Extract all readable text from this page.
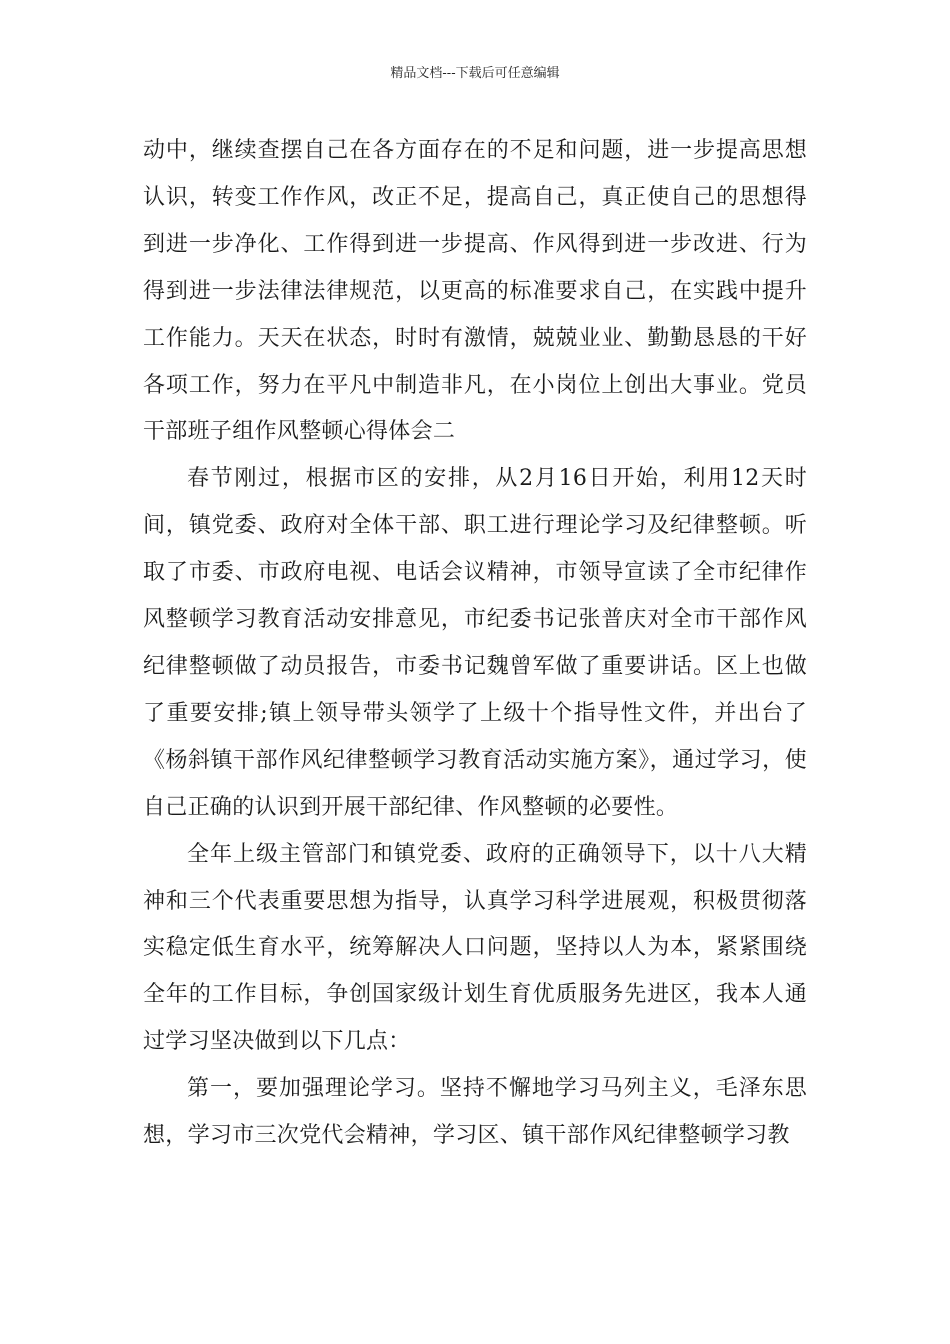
精品文档---下载后可任意编辑

动中，继续查摆自己在各方面存在的不足和问题，进一步提高思想认识，转变工作作风，改正不足，提高自己，真正使自己的思想得到进一步净化、工作得到进一步提高、作风得到进一步改进、行为得到进一步法律法律规范，以更高的标准要求自己，在实践中提升工作能力。天天在状态，时时有激情，兢兢业业、勤勤恳恳的干好各项工作，努力在平凡中制造非凡，在小岗位上创出大事业。党员干部班子组作风整顿心得体会二

春节刚过，根据市区的安排，从2月16日开始，利用12天时间，镇党委、政府对全体干部、职工进行理论学习及纪律整顿。听取了市委、市政府电视、电话会议精神，市领导宣读了全市纪律作风整顿学习教育活动安排意见，市纪委书记张普庆对全市干部作风纪律整顿做了动员报告，市委书记魏曾军做了重要讲话。区上也做了重要安排;镇上领导带头领学了上级十个指导性文件，并出台了《杨斜镇干部作风纪律整顿学习教育活动实施方案》，通过学习，使自己正确的认识到开展干部纪律、作风整顿的必要性。

全年上级主管部门和镇党委、政府的正确领导下，以十八大精神和三个代表重要思想为指导，认真学习科学进展观，积极贯彻落实稳定低生育水平，统筹解决人口问题，坚持以人为本，紧紧围绕全年的工作目标，争创国家级计划生育优质服务先进区，我本人通过学习坚决做到以下几点：

第一，要加强理论学习。坚持不懈地学习马列主义，毛泽东思想，学习市三次党代会精神，学习区、镇干部作风纪律整顿学习教
